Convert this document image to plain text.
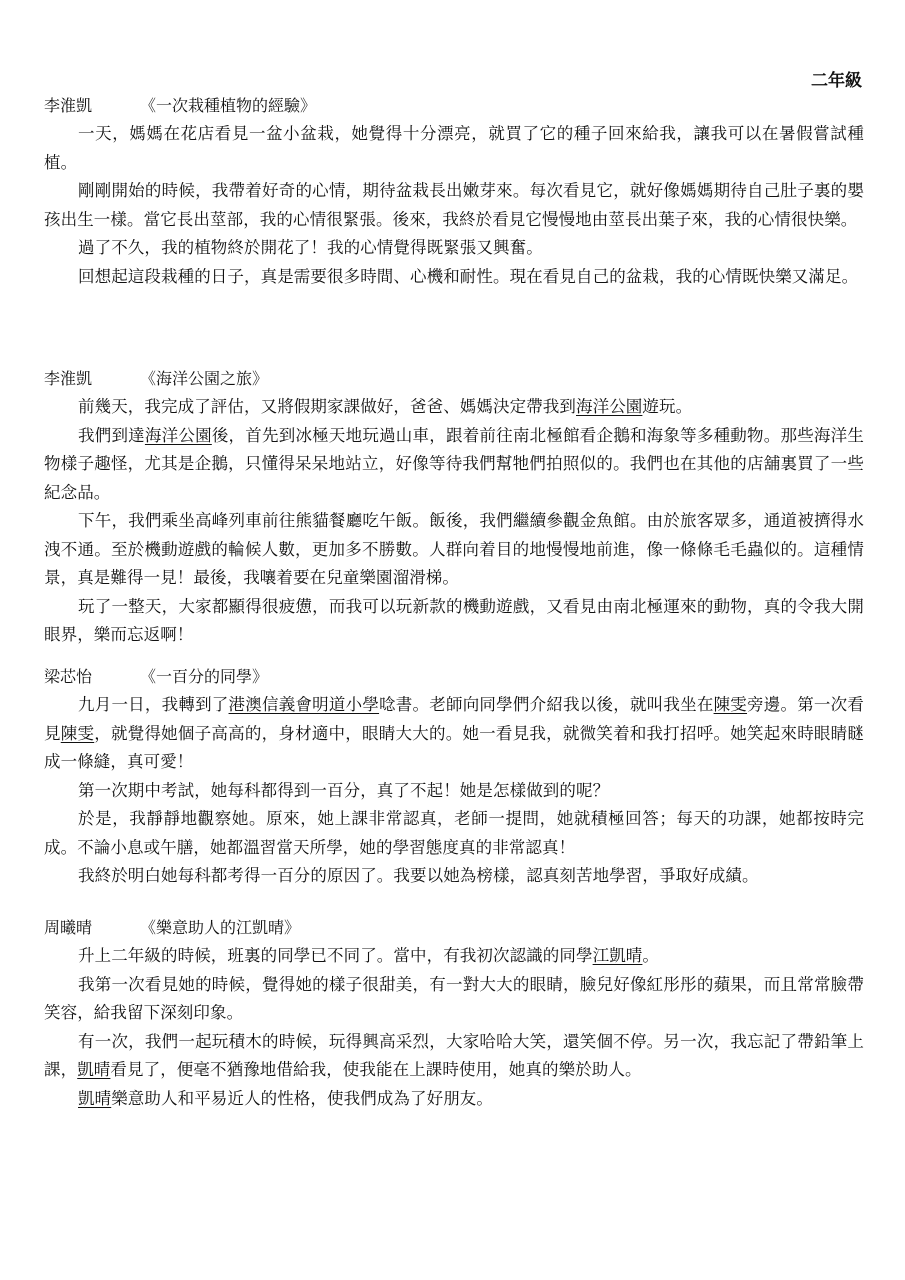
二年級
李淮凱	《一次栽種植物的經驗》

一天，媽媽在花店看見一盆小盆栽，她覺得十分漂亮，就買了它的種子回來給我，讓我可以在暑假嘗試種植。

剛剛開始的時候，我帶着好奇的心情，期待盆栽長出嫩芽來。每次看見它，就好像媽媽期待自己肚子裏的嬰孩出生一樣。當它長出莖部，我的心情很緊張。後來，我終於看見它慢慢地由莖長出葉子來，我的心情很快樂。

過了不久，我的植物終於開花了！我的心情覺得既緊張又興奮。

回想起這段栽種的日子，真是需要很多時間、心機和耐性。現在看見自己的盆栽，我的心情既快樂又滿足。

李淮凱	《海洋公園之旅》

前幾天，我完成了評估，又將假期家課做好，爸爸、媽媽決定帶我到海洋公園遊玩。

我們到達海洋公園後，首先到冰極天地玩過山車，跟着前往南北極館看企鵝和海象等多種動物。那些海洋生物樣子趣怪，尤其是企鵝，只懂得呆呆地站立，好像等待我們幫牠們拍照似的。我們也在其他的店舖裏買了一些紀念品。

下午，我們乘坐高峰列車前往熊貓餐廳吃午飯。飯後，我們繼續參觀金魚館。由於旅客眾多，通道被擠得水洩不通。至於機動遊戲的輪候人數，更加多不勝數。人群向着目的地慢慢地前進，像一條條毛毛蟲似的。這種情景，真是難得一見！最後，我嚷着要在兒童樂園溜滑梯。

玩了一整天，大家都顯得很疲憊，而我可以玩新款的機動遊戲，又看見由南北極運來的動物，真的令我大開眼界，樂而忘返啊！

梁芯怡	《一百分的同學》

九月一日，我轉到了港澳信義會明道小學唸書。老師向同學們介紹我以後，就叫我坐在陳雯旁邊。第一次看見陳雯，就覺得她個子高高的，身材適中，眼睛大大的。她一看見我，就微笑着和我打招呼。她笑起來時眼睛瞇成一條縫，真可愛！

第一次期中考試，她每科都得到一百分，真了不起！她是怎樣做到的呢？

於是，我靜靜地觀察她。原來，她上課非常認真，老師一提問，她就積極回答；每天的功課，她都按時完成。不論小息或午膳，她都溫習當天所學，她的學習態度真的非常認真！

我終於明白她每科都考得一百分的原因了。我要以她為榜樣，認真刻苦地學習，爭取好成績。

周曦晴	《樂意助人的江凱晴》

升上二年級的時候，班裏的同學已不同了。當中，有我初次認識的同學江凱晴。

我第一次看見她的時候，覺得她的樣子很甜美，有一對大大的眼睛，臉兒好像紅彤彤的蘋果，而且常常臉帶笑容，給我留下深刻印象。

有一次，我們一起玩積木的時候，玩得興高采烈，大家哈哈大笑，還笑個不停。另一次，我忘記了帶鉛筆上課，凱晴看見了，便毫不猶豫地借給我，使我能在上課時使用，她真的樂於助人。

凱晴樂意助人和平易近人的性格，使我們成為了好朋友。
